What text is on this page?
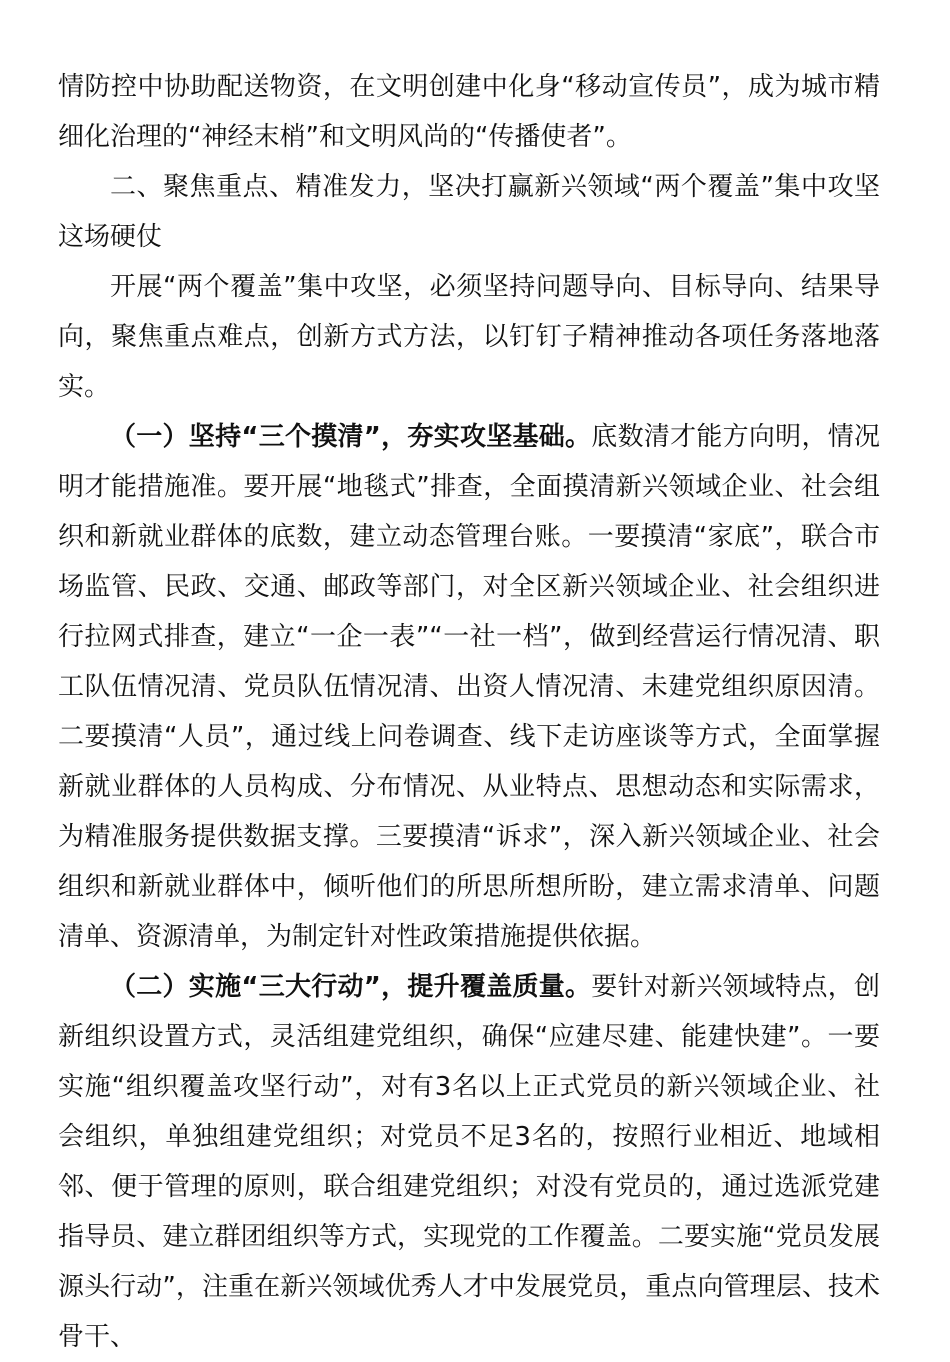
情防控中协助配送物资，在文明创建中化身“移动宣传员”，成为城市精细化治理的“神经末梢”和文明风尚的“传播使者”。

二、聚焦重点、精准发力，坚决打赢新兴领域“两个覆盖”集中攻坚这场硬仗

开展“两个覆盖”集中攻坚，必须坚持问题导向、目标导向、结果导向，聚焦重点难点，创新方式方法，以钉钉子精神推动各项任务落地落实。

（一）坚持“三个摸清”，夯实攻坚基础。底数清才能方向明，情况明才能措施准。要开展“地毯式”排查，全面摸清新兴领域企业、社会组织和新就业群体的底数，建立动态管理台账。一要摸清“家底”，联合市场监管、民政、交通、邮政等部门，对全区新兴领域企业、社会组织进行拉网式排查，建立“一企一表”“一社一档”，做到经营运行情况清、职工队伍情况清、党员队伍情况清、出资人情况清、未建党组织原因清。二要摸清“人员”，通过线上问卷调查、线下走访座谈等方式，全面掌握新就业群体的人员构成、分布情况、从业特点、思想动态和实际需求，为精准服务提供数据支撑。三要摸清“诉求”，深入新兴领域企业、社会组织和新就业群体中，倾听他们的所思所想所盼，建立需求清单、问题清单、资源清单，为制定针对性政策措施提供依据。

（二）实施“三大行动”，提升覆盖质量。要针对新兴领域特点，创新组织设置方式，灵活组建党组织，确保“应建尽建、能建快建”。一要实施“组织覆盖攻坚行动”，对有3名以上正式党员的新兴领域企业、社会组织，单独组建党组织；对党员不足3名的，按照行业相近、地域相邻、便于管理的原则，联合组建党组织；对没有党员的，通过选派党建指导员、建立群团组织等方式，实现党的工作覆盖。二要实施“党员发展源头行动”，注重在新兴领域优秀人才中发展党员，重点向管理层、技术骨干、
